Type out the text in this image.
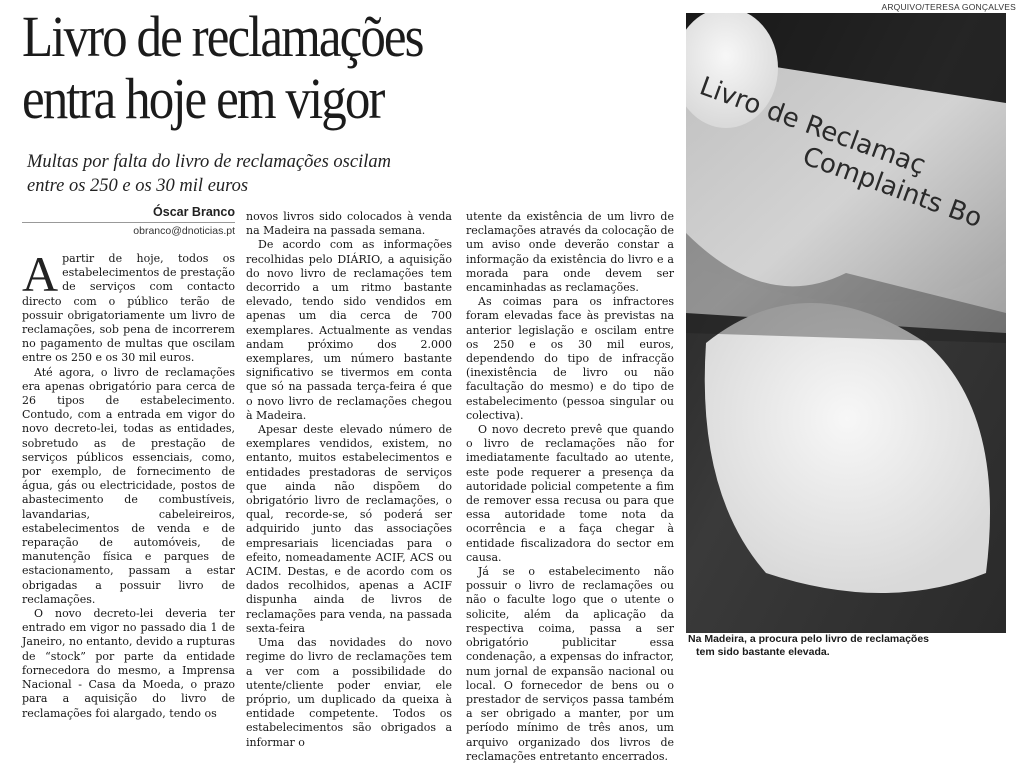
Livro de reclamações
entra hoje em vigor
Multas por falta do livro de reclamações oscilam
entre os 250 e os 30 mil euros
Óscar Branco
obranco@dnoticias.pt

Apartir de hoje, todos os estabelecimentos de prestação de serviços com contacto directo com o público terão de possuir obrigatoriamente um livro de reclamações, sob pena de incorrerem no pagamento de multas que oscilam entre os 250 e os 30 mil euros.

Até agora, o livro de reclamações era apenas obrigatório para cerca de 26 tipos de estabelecimento. Contudo, com a entrada em vigor do novo decreto-lei, todas as entidades, sobretudo as de prestação de serviços públicos essenciais, como, por exemplo, de fornecimento de água, gás ou electricidade, postos de abastecimento de combustíveis, lavandarias, cabeleireiros, estabelecimentos de venda e de reparação de automóveis, de manutenção física e parques de estacionamento, passam a estar obrigadas a possuir livro de reclamações.

O novo decreto-lei deveria ter entrado em vigor no passado dia 1 de Janeiro, no entanto, devido a rupturas de “stock” por parte da entidade fornecedora do mesmo, a Imprensa Nacional - Casa da Moeda, o prazo para a aquisição do livro de reclamações foi alargado, tendo os

novos livros sido colocados à venda na Madeira na passada semana.

De acordo com as informações recolhidas pelo DIÁRIO, a aquisição do novo livro de reclamações tem decorrido a um ritmo bastante elevado, tendo sido vendidos em apenas um dia cerca de 700 exemplares. Actualmente as vendas andam próximo dos 2.000 exemplares, um número bastante significativo se tivermos em conta que só na passada terça-feira é que o novo livro de reclamações chegou à Madeira.

Apesar deste elevado número de exemplares vendidos, existem, no entanto, muitos estabelecimentos e entidades prestadoras de serviços que ainda não dispõem do obrigatório livro de reclamações, o qual, recorde-se, só poderá ser adquirido junto das associações empresariais licenciadas para o efeito, nomeadamente ACIF, ACS ou ACIM. Destas, e de acordo com os dados recolhidos, apenas a ACIF dispunha ainda de livros de reclamações para venda, na passada sexta-feira

Uma das novidades do novo regime do livro de reclamações tem a ver com a possibilidade do utente/cliente poder enviar, ele próprio, um duplicado da queixa à entidade competente. Todos os estabelecimentos são obrigados a informar o

utente da existência de um livro de reclamações através da colocação de um aviso onde deverão constar a informação da existência do livro e a morada para onde devem ser encaminhadas as reclamações.

As coimas para os infractores foram elevadas face às previstas na anterior legislação e oscilam entre os 250 e os 30 mil euros, dependendo do tipo de infracção (inexistência de livro ou não facultação do mesmo) e do tipo de estabelecimento (pessoa singular ou colectiva).

O novo decreto prevê que quando o livro de reclamações não for imediatamente facultado ao utente, este pode requerer a presença da autoridade policial competente a fim de remover essa recusa ou para que essa autoridade tome nota da ocorrência e a faça chegar à entidade fiscalizadora do sector em causa.

Já se o estabelecimento não possuir o livro de reclamações ou não o faculte logo que o utente o solicite, além da aplicação da respectiva coima, passa a ser obrigatório publicitar essa condenação, a expensas do infractor, num jornal de expansão nacional ou local. O fornecedor de bens ou o prestador de serviços passa também a ser obrigado a manter, por um período mínimo de três anos, um arquivo organizado dos livros de reclamações entretanto encerrados.

ARQUIVO/TERESA GONÇALVES
Livro de Reclamaç
Complaints Bo
Na Madeira, a procura pelo livro de reclamações
tem sido bastante elevada.
